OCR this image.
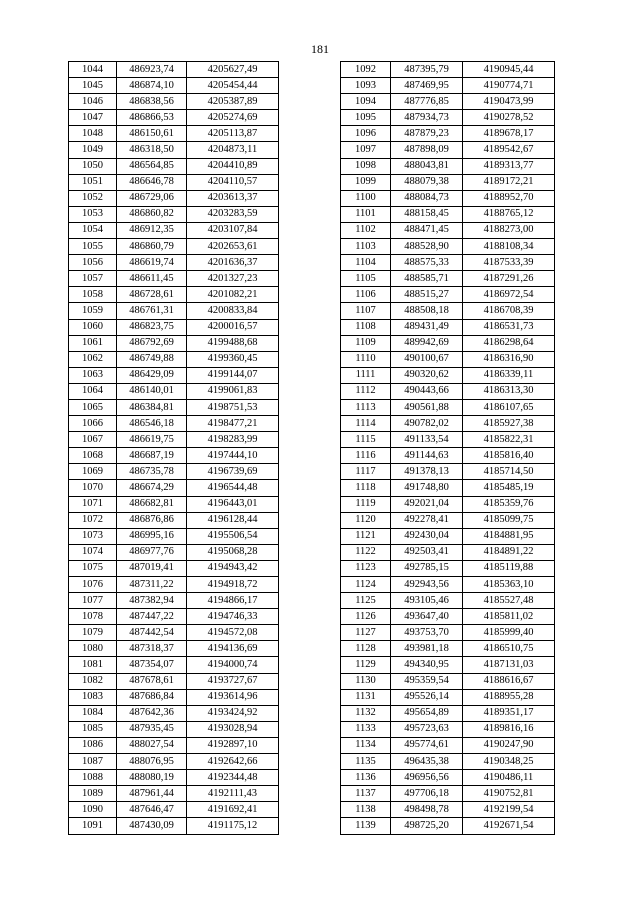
181
1044	486923,74	4205627,49
1045	486874,10	4205454,44
1046	486838,56	4205387,89
1047	486866,53	4205274,69
1048	486150,61	4205113,87
1049	486318,50	4204873,11
1050	486564,85	4204410,89
1051	486646,78	4204110,57
1052	486729,06	4203613,37
1053	486860,82	4203283,59
1054	486912,35	4203107,84
1055	486860,79	4202653,61
1056	486619,74	4201636,37
1057	486611,45	4201327,23
1058	486728,61	4201082,21
1059	486761,31	4200833,84
1060	486823,75	4200016,57
1061	486792,69	4199488,68
1062	486749,88	4199360,45
1063	486429,09	4199144,07
1064	486140,01	4199061,83
1065	486384,81	4198751,53
1066	486546,18	4198477,21
1067	486619,75	4198283,99
1068	486687,19	4197444,10
1069	486735,78	4196739,69
1070	486674,29	4196544,48
1071	486682,81	4196443,01
1072	486876,86	4196128,44
1073	486995,16	4195506,54
1074	486977,76	4195068,28
1075	487019,41	4194943,42
1076	487311,22	4194918,72
1077	487382,94	4194866,17
1078	487447,22	4194746,33
1079	487442,54	4194572,08
1080	487318,37	4194136,69
1081	487354,07	4194000,74
1082	487678,61	4193727,67
1083	487686,84	4193614,96
1084	487642,36	4193424,92
1085	487935,45	4193028,94
1086	488027,54	4192897,10
1087	488076,95	4192642,66
1088	488080,19	4192344,48
1089	487961,44	4192111,43
1090	487646,47	4191692,41
1091	487430,09	4191175,12
1092	487395,79	4190945,44
1093	487469,95	4190774,71
1094	487776,85	4190473,99
1095	487934,73	4190278,52
1096	487879,23	4189678,17
1097	487898,09	4189542,67
1098	488043,81	4189313,77
1099	488079,38	4189172,21
1100	488084,73	4188952,70
1101	488158,45	4188765,12
1102	488471,45	4188273,00
1103	488528,90	4188108,34
1104	488575,33	4187533,39
1105	488585,71	4187291,26
1106	488515,27	4186972,54
1107	488508,18	4186708,39
1108	489431,49	4186531,73
1109	489942,69	4186298,64
1110	490100,67	4186316,90
1111	490320,62	4186339,11
1112	490443,66	4186313,30
1113	490561,88	4186107,65
1114	490782,02	4185927,38
1115	491133,54	4185822,31
1116	491144,63	4185816,40
1117	491378,13	4185714,50
1118	491748,80	4185485,19
1119	492021,04	4185359,76
1120	492278,41	4185099,75
1121	492430,04	4184881,95
1122	492503,41	4184891,22
1123	492785,15	4185119,88
1124	492943,56	4185363,10
1125	493105,46	4185527,48
1126	493647,40	4185811,02
1127	493753,70	4185999,40
1128	493981,18	4186510,75
1129	494340,95	4187131,03
1130	495359,54	4188616,67
1131	495526,14	4188955,28
1132	495654,89	4189351,17
1133	495723,63	4189816,16
1134	495774,61	4190247,90
1135	496435,38	4190348,25
1136	496956,56	4190486,11
1137	497706,18	4190752,81
1138	498498,78	4192199,54
1139	498725,20	4192671,54
